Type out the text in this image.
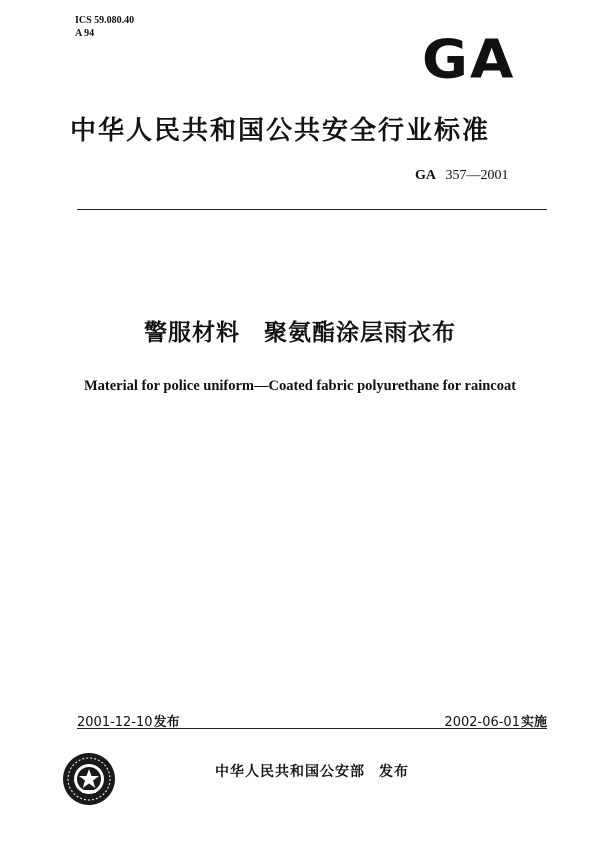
ICS 59.080.40
A 94	GA
中华人民共和国公共安全行业标准
GA 357—2001
警服材料　聚氨酯涂层雨衣布
Material for police uniform—Coated fabric polyurethane for raincoat
2001-12-10发布	2002-06-01实施
中华人民共和国公安部 发布
